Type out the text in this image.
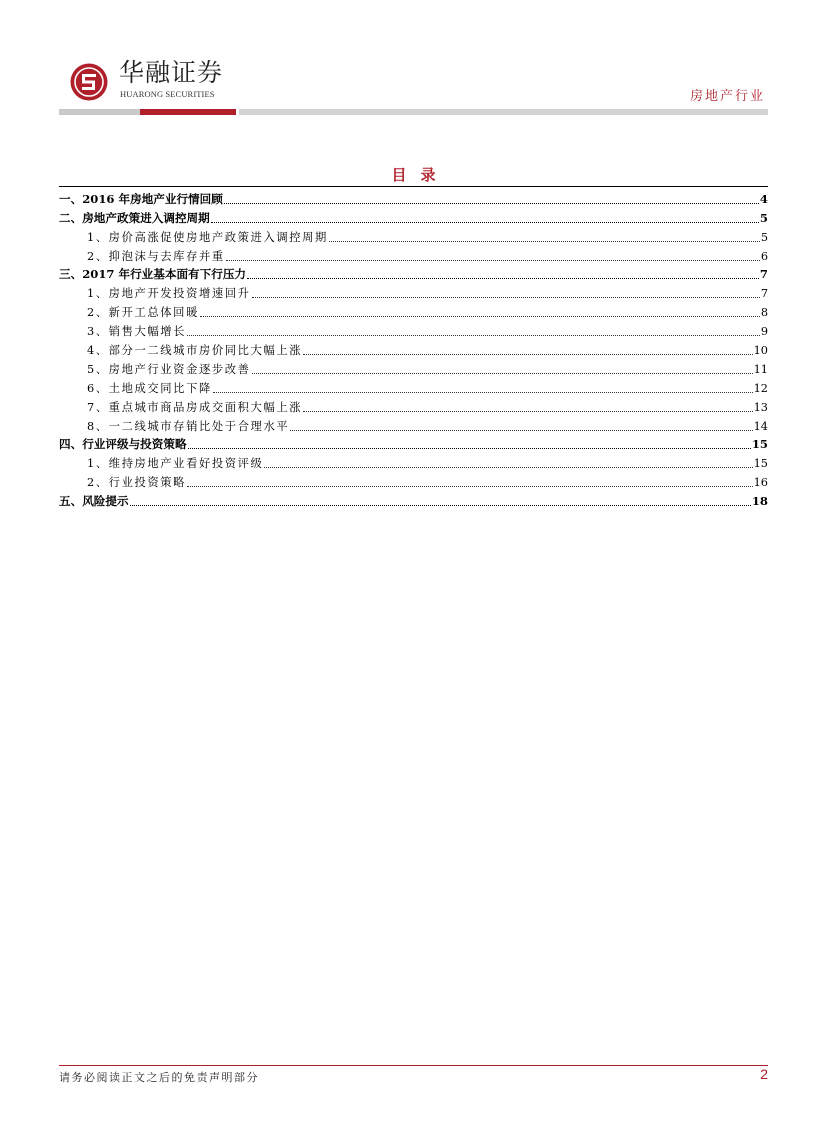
华融证券
HUARONG SECURITIES	房地产行业
目录
一、2016 年房地产业行情回顾	4
二、房地产政策进入调控周期	5
1、房价高涨促使房地产政策进入调控周期	5
2、抑泡沫与去库存并重	6
三、2017 年行业基本面有下行压力	7
1、房地产开发投资增速回升	7
2、新开工总体回暖	8
3、销售大幅增长	9
4、部分一二线城市房价同比大幅上涨	10
5、房地产行业资金逐步改善	11
6、土地成交同比下降	12
7、重点城市商品房成交面积大幅上涨	13
8、一二线城市存销比处于合理水平	14
四、行业评级与投资策略	15
1、维持房地产业看好投资评级	15
2、行业投资策略	16
五、风险提示	18
请务必阅读正文之后的免责声明部分	2
